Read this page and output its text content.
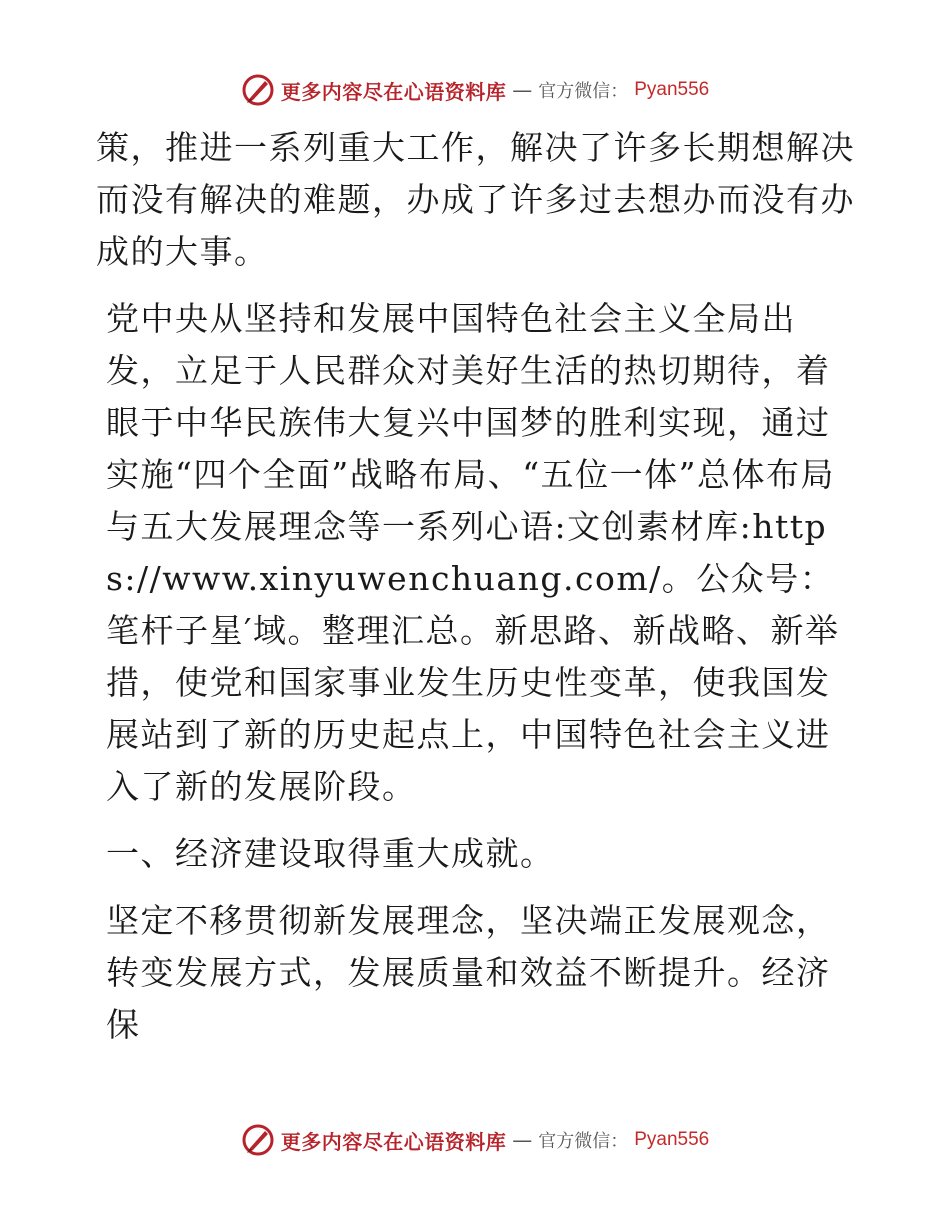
更多内容尽在心语资料库 — 官方微信： Pyan556

策，推进一系列重大工作，解决了许多长期想解决而没有解决的难题，办成了许多过去想办而没有办成的大事。

党中央从坚持和发展中国特色社会主义全局出发，立足于人民群众对美好生活的热切期待，着眼于中华民族伟大复兴中国梦的胜利实现，通过实施“四个全面”战略布局、“五位一体”总体布局与五大发展理念等一系列心语:文创素材库:https://www.xinyuwenchuang.com/。公众号：笔杆子星′域。整理汇总。新思路、新战略、新举措，使党和国家事业发生历史性变革，使我国发展站到了新的历史起点上，中国特色社会主义进入了新的发展阶段。

一、经济建设取得重大成就。

坚定不移贯彻新发展理念，坚决端正发展观念，转变发展方式，发展质量和效益不断提升。经济保

更多内容尽在心语资料库 — 官方微信： Pyan556
